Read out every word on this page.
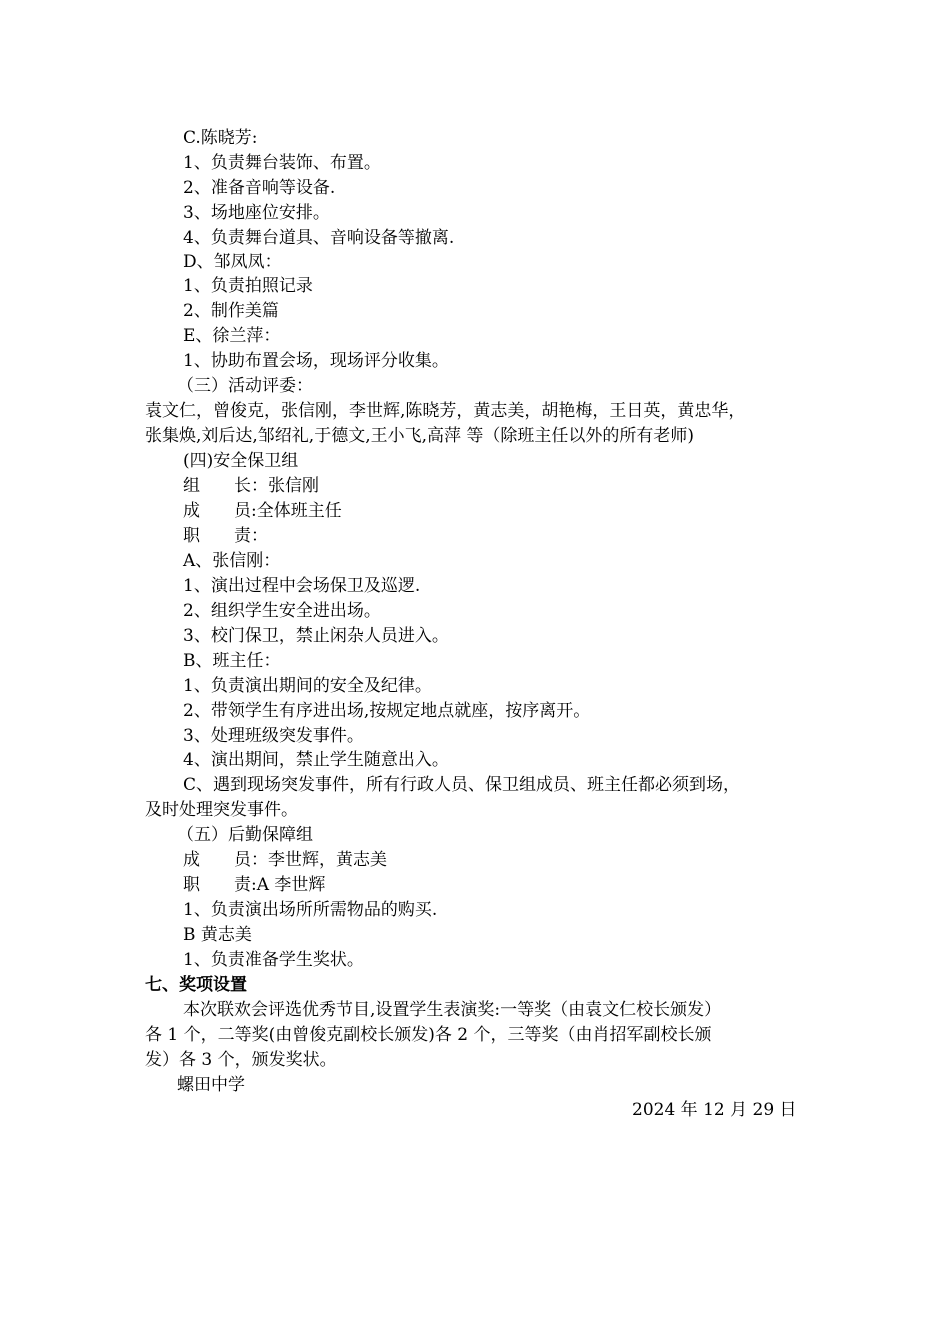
C.陈晓芳:
1、负责舞台装饰、布置。
2、准备音响等设备.
3、场地座位安排。
4、负责舞台道具、音响设备等撤离.
D、邹凤凤：
1、负责拍照记录
2、制作美篇
E、徐兰萍：
1、协助布置会场，现场评分收集。
（三）活动评委：
袁文仁，曾俊克，张信刚，李世辉,陈晓芳，黄志美，胡艳梅，王日英，黄忠华，
张集焕,刘后达,邹绍礼,于德文,王小飞,高萍 等（除班主任以外的所有老师)
(四)安全保卫组
组 长：张信刚
成 员:全体班主任
职 责：
A、张信刚：
1、演出过程中会场保卫及巡逻.
2、组织学生安全进出场。
3、校门保卫，禁止闲杂人员进入。
B、班主任：
1、负责演出期间的安全及纪律。
2、带领学生有序进出场,按规定地点就座，按序离开。
3、处理班级突发事件。
4、演出期间，禁止学生随意出入。
C、遇到现场突发事件，所有行政人员、保卫组成员、班主任都必须到场，
及时处理突发事件。
（五）后勤保障组
成 员：李世辉，黄志美
职 责:A 李世辉
1、负责演出场所所需物品的购买.
B 黄志美
1、负责准备学生奖状。
七、奖项设置
本次联欢会评选优秀节目,设置学生表演奖:一等奖（由袁文仁校长颁发）
各 1 个，二等奖(由曾俊克副校长颁发)各 2 个，三等奖（由肖招军副校长颁
发）各 3 个，颁发奖状。
螺田中学
2024 年 12 月 29 日
